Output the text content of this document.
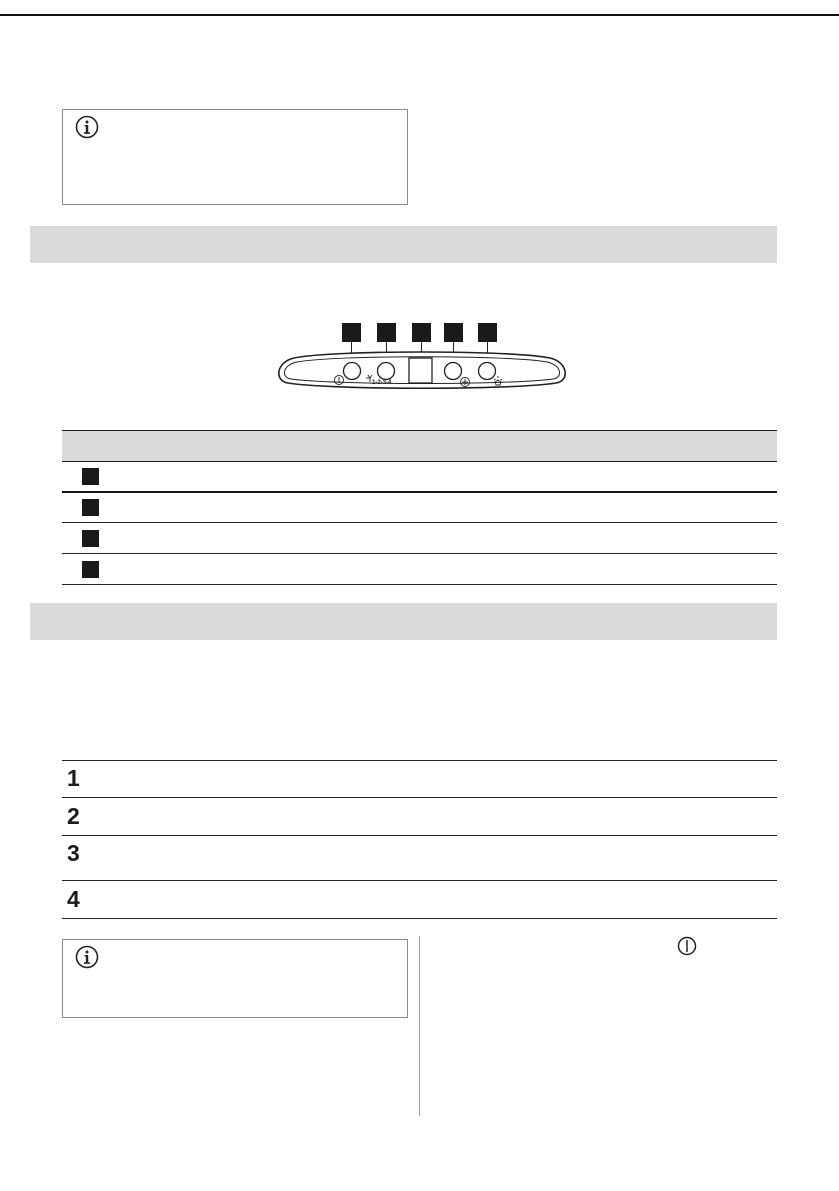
1-2-3-4
1
2
3
4
